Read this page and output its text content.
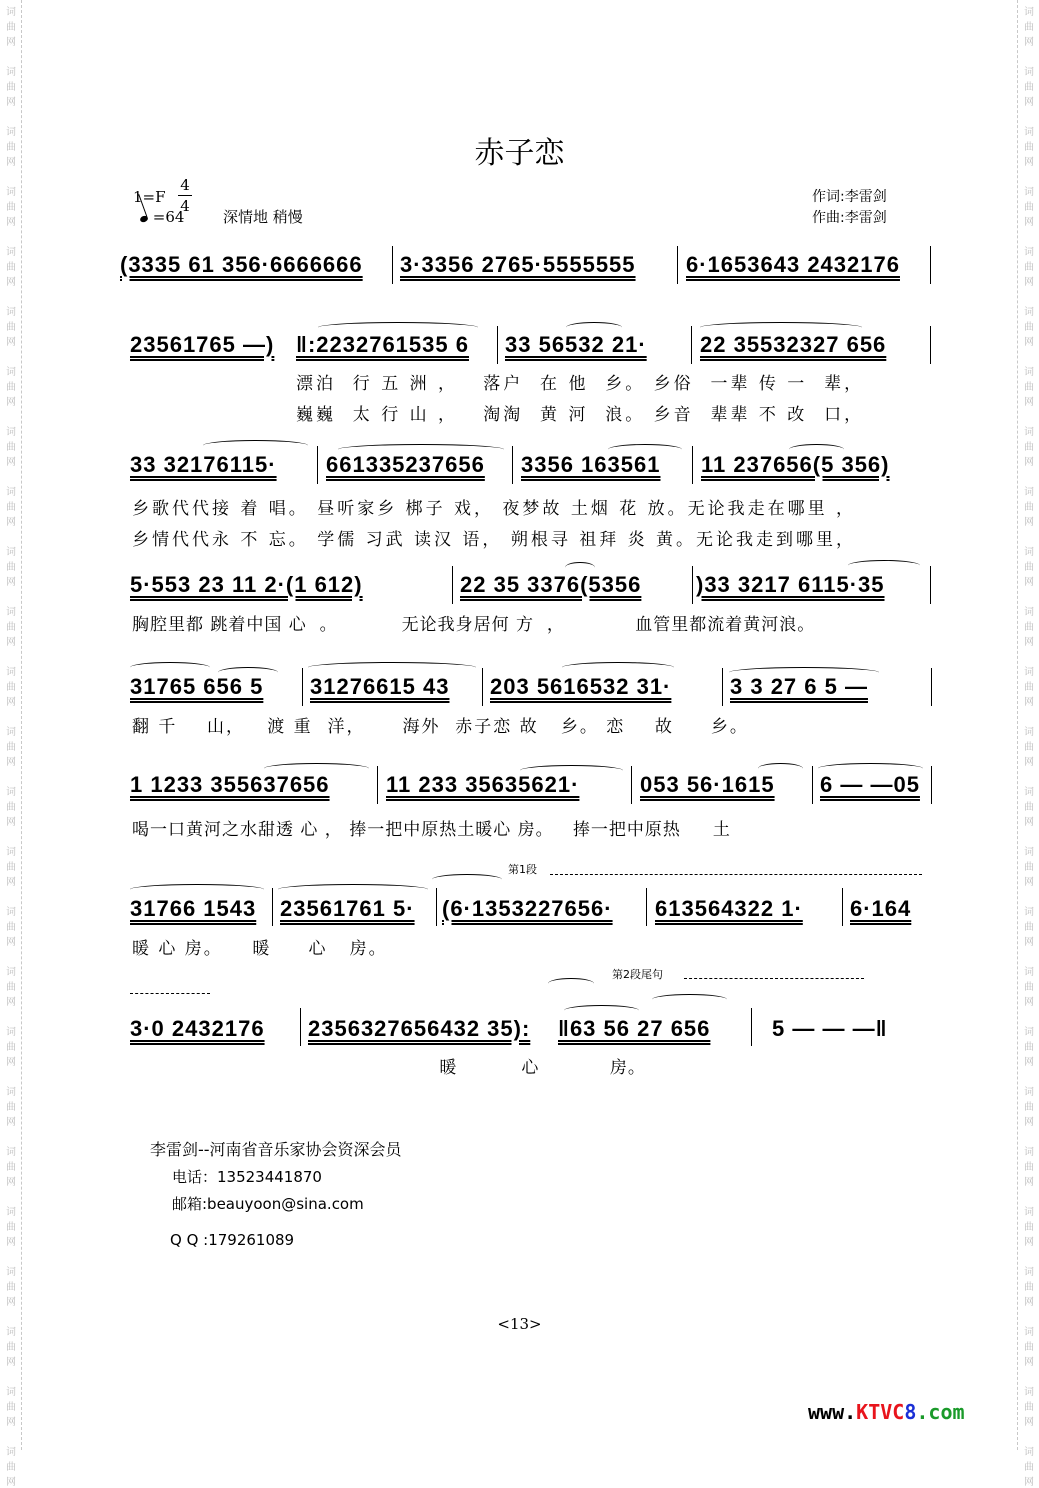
词
曲
网
词
曲
网
词
曲
网
词
曲
网
词
曲
网
词
曲
网
词
曲
网
词
曲
网
词
曲
网
词
曲
网
词
曲
网
词
曲
网
词
曲
网
词
曲
网
词
曲
网
词
曲
网
词
曲
网
词
曲
网
词
曲
网
词
曲
网
词
曲
网
词
曲
网
词
曲
网
词
曲
网
词
曲
网
词
曲
网
词
曲
网
词
曲
网
词
曲
网
词
曲
网
词
曲
网
词
曲
网
词
曲
网
词
曲
网
词
曲
网
词
曲
网
词
曲
网
词
曲
网
词
曲
网
词
曲
网
词
曲
网
词
曲
网
词
曲
网
词
曲
网
词
曲
网
词
曲
网
词
曲
网
词
曲
网
词
曲
网
词
曲
网
赤子恋
1=F
4
4
=64	深情地 稍慢
作词:李雷剑
作曲:李雷剑
(3335 61 356·6666666 3·3356 2765·5555555 6·1653643 2432176
23561765 —) ‖:2232761535 6 33 56532 21· 22 35532327 656
漂泊  行 五 洲 ，   落户  在 他  乡。 乡俗  一辈 传 一  辈，
巍巍  太 行 山 ，   淘淘  黄 河  浪。 乡音  辈辈 不 改  口，
33 32176115· 661335237656 3356 163561 11 237656(5 356)
乡歌代代接 着 唱。 昼听家乡 梆子 戏， 夜梦故 土烟 花 放。无论我走在哪里 ，
乡情代代永 不 忘。 学儒 习武 读汉 语， 朔根寻 祖拜 炎 黄。无论我走到哪里，
5·553 23 11 2·(1 612)	22 35 3376(5356 )33 3217 6115·35
胸腔里都 跳着中国 心  。          无论我身居何 方  ，           血管里都流着黄河浪。
31765 656 5 31276615 43 203 5616532 31·	3 3 27 6 5 —
翻 千    山，   渡 重  洋，     海外  赤子恋 故   乡。 恋    故     乡。
1 1233 355637656	11 233 35635621·	053 56·1615 6 — —05
喝一口黄河之水甜透 心 ， 捧一把中原热土暖心 房。   捧一把中原热     土
第1段
31766 1543 23561761 5· (6·1353227656· 613564322 1· 6·164
暖 心 房。    暖     心   房。
第2段尾句
3·0 2432176 2356327656432 35): ‖63 56 27 656	5 — — —‖
暖          心           房。
李雷剑--河南省音乐家协会资深会员
电话：13523441870
邮箱:beauyoon@sina.com
Q Q :179261089
<13>
www.KTVC8.com
